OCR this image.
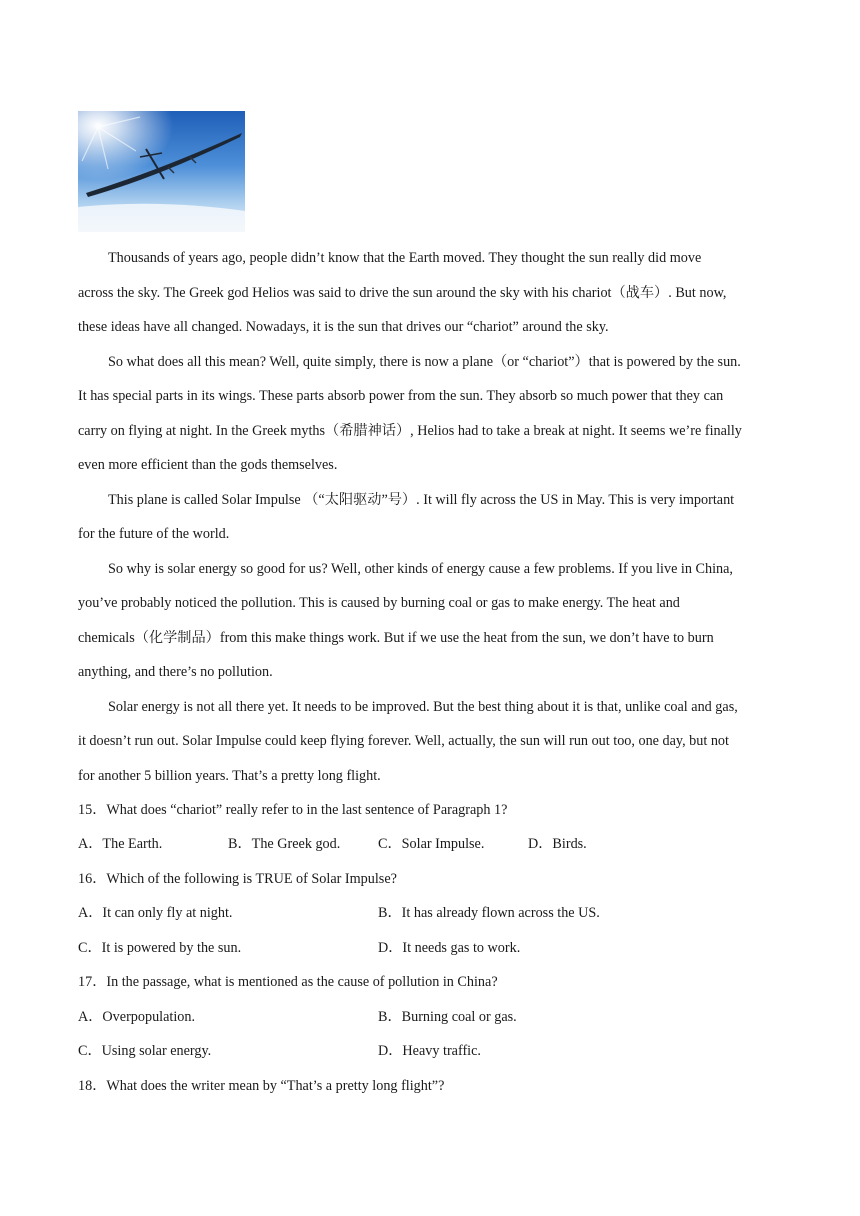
Thousands of years ago, people didn’t know that the Earth moved. They thought the sun really did move
across the sky. The Greek god Helios was said to drive the sun around the sky with his chariot（战车）. But now,
these ideas have all changed. Nowadays, it is the sun that drives our “chariot” around the sky.
So what does all this mean? Well, quite simply, there is now a plane（or “chariot”）that is powered by the sun.
It has special parts in its wings. These parts absorb power from the sun. They absorb so much power that they can
carry on flying at night. In the Greek myths（希腊神话）, Helios had to take a break at night. It seems we’re finally
even more efficient than the gods themselves.
This plane is called Solar Impulse （“太阳驱动”号）. It will fly across the US in May. This is very important
for the future of the world.
So why is solar energy so good for us? Well, other kinds of energy cause a few problems. If you live in China,
you’ve probably noticed the pollution. This is caused by burning coal or gas to make energy. The heat and
chemicals（化学制品）from this make things work. But if we use the heat from the sun, we don’t have to burn
anything, and there’s no pollution.
Solar energy is not all there yet. It needs to be improved. But the best thing about it is that, unlike coal and gas,
it doesn’t run out. Solar Impulse could keep flying forever. Well, actually, the sun will run out too, one day, but not
for another 5 billion years. That’s a pretty long flight.
15．What does “chariot” really refer to in the last sentence of Paragraph 1?
A．The Earth.	B．The Greek god.	C．Solar Impulse.	D．Birds.
16．Which of the following is TRUE of Solar Impulse?
A．It can only fly at night.	B．It has already flown across the US.
C．It is powered by the sun.	D．It needs gas to work.
17．In the passage, what is mentioned as the cause of pollution in China?
A．Overpopulation.	B．Burning coal or gas.
C．Using solar energy.	D．Heavy traffic.
18．What does the writer mean by “That’s a pretty long flight”?
